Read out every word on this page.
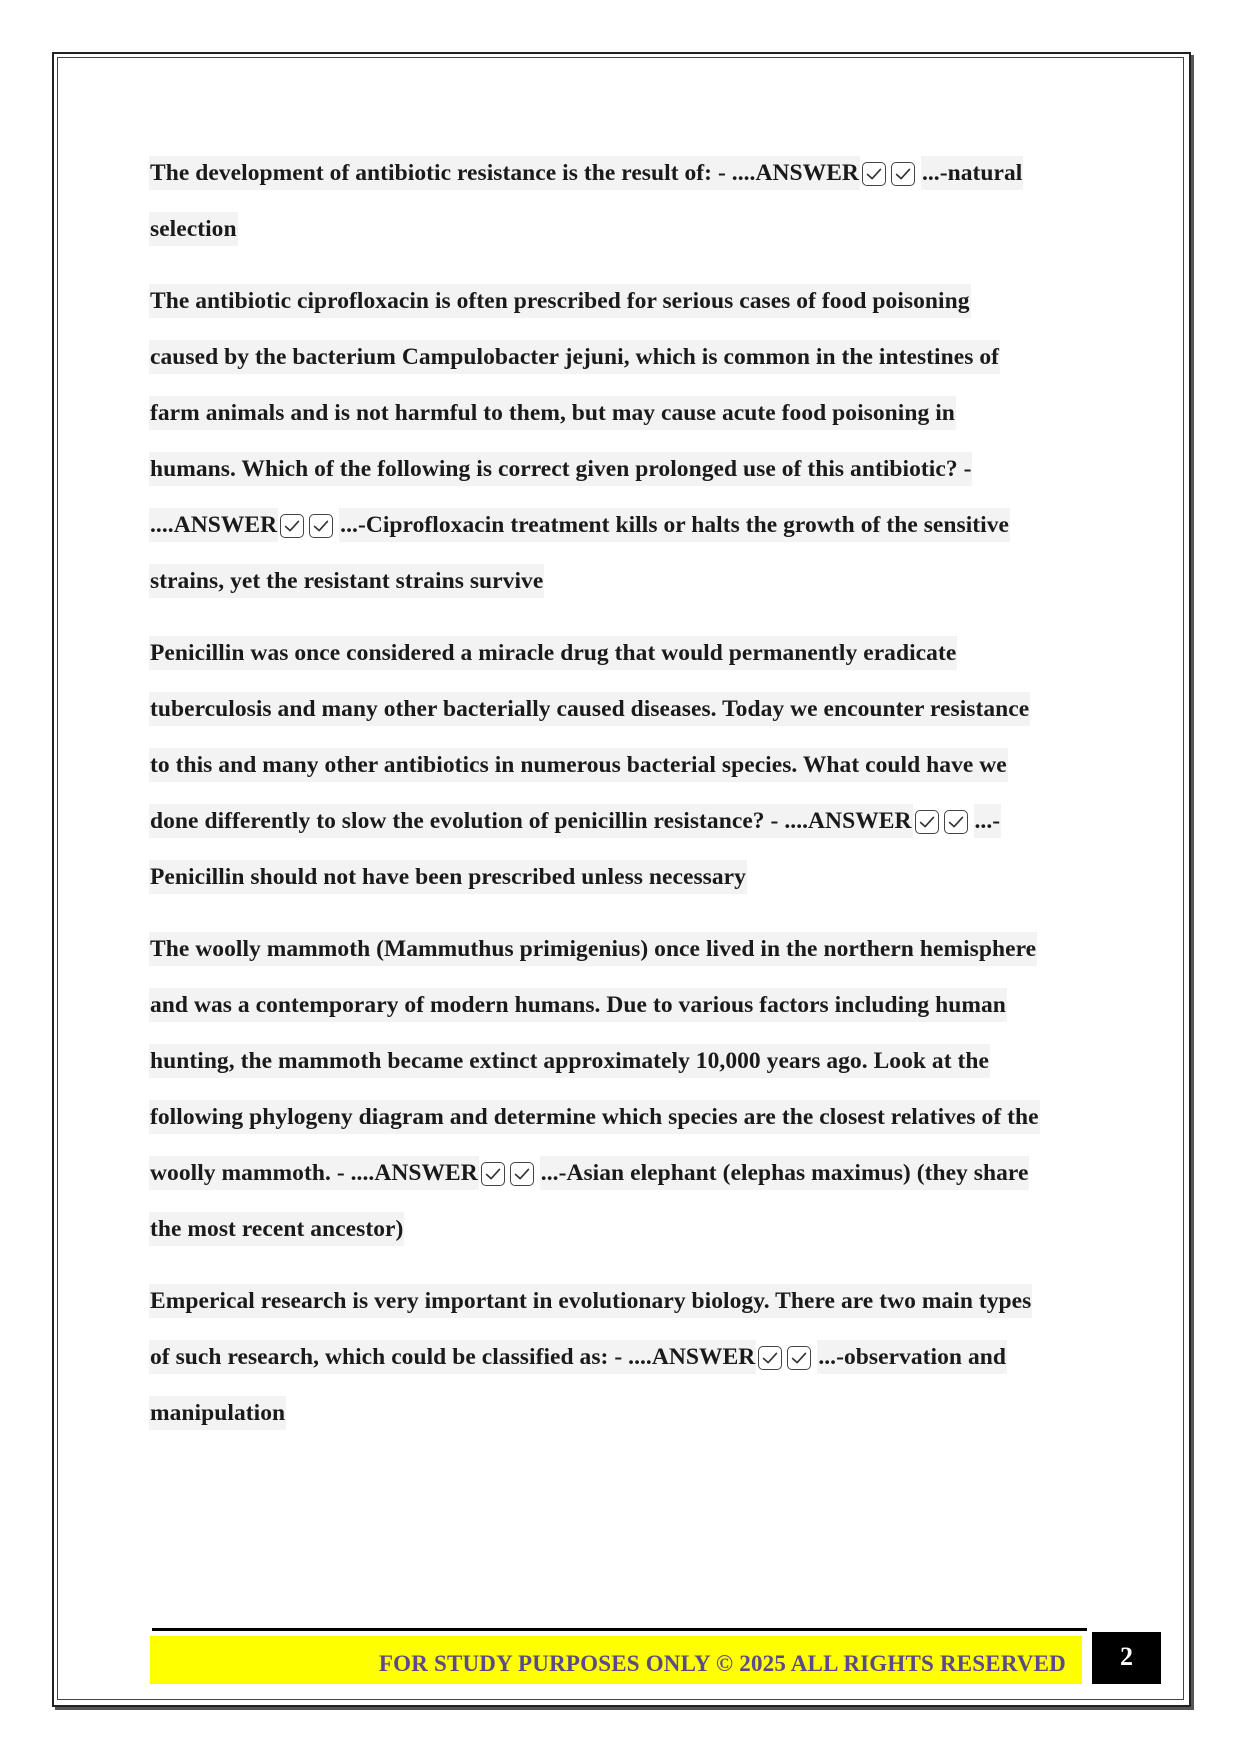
The development of antibiotic resistance is the result of: - ....ANSWER	...-natural
selection
The antibiotic ciprofloxacin is often prescribed for serious cases of food poisoning
caused by the bacterium Campulobacter jejuni, which is common in the intestines of
farm animals and is not harmful to them, but may cause acute food poisoning in
humans. Which of the following is correct given prolonged use of this antibiotic? -
....ANSWER	...-Ciprofloxacin treatment kills or halts the growth of the sensitive
strains, yet the resistant strains survive
Penicillin was once considered a miracle drug that would permanently eradicate
tuberculosis and many other bacterially caused diseases. Today we encounter resistance
to this and many other antibiotics in numerous bacterial species. What could have we
done differently to slow the evolution of penicillin resistance? - ....ANSWER	...-
Penicillin should not have been prescribed unless necessary
The woolly mammoth (Mammuthus primigenius) once lived in the northern hemisphere
and was a contemporary of modern humans. Due to various factors including human
hunting, the mammoth became extinct approximately 10,000 years ago. Look at the
following phylogeny diagram and determine which species are the closest relatives of the
woolly mammoth. - ....ANSWER	...-Asian elephant (elephas maximus) (they share
the most recent ancestor)
Emperical research is very important in evolutionary biology. There are two main types
of such research, which could be classified as: - ....ANSWER	...-observation and
manipulation
FOR STUDY PURPOSES ONLY © 2025 ALL RIGHTS RESERVED	2
